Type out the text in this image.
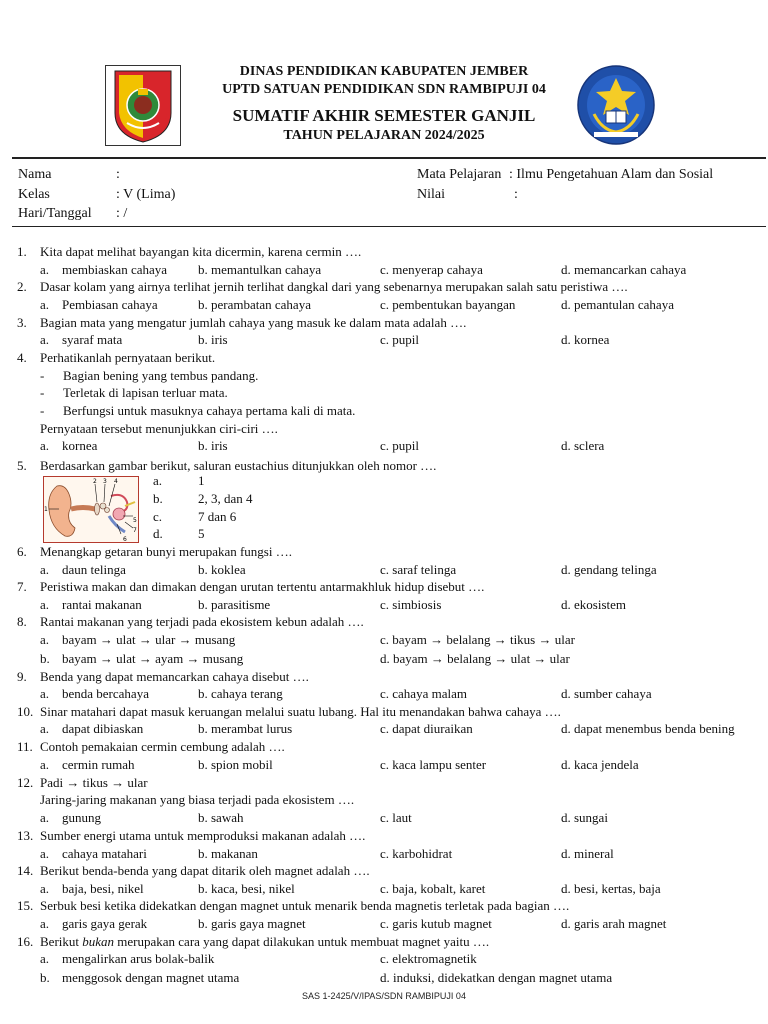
DINAS PENDIDIKAN KABUPATEN JEMBER
UPTD SATUAN PENDIDIKAN SDN RAMBIPUJI 04
SUMATIF AKHIR SEMESTER GANJIL
TAHUN PELAJARAN 2024/2025
Nama	:	Mata Pelajaran : Ilmu Pengetahuan Alam dan Sosial
Kelas	: V (Lima)	Nilai	:
Hari/Tanggal : /
1. Kita dapat melihat bayangan kita dicermin, karena cermin ….
a. membiaskan cahaya b. memantulkan cahaya	c. menyerap cahaya	d. memancarkan cahaya
2. Dasar kolam yang airnya terlihat jernih terlihat dangkal dari yang sebenarnya merupakan salah satu peristiwa ….
a. Pembiasan cahaya	b. perambatan cahaya	c. pembentukan bayangan	d. pemantulan cahaya
3. Bagian mata yang mengatur jumlah cahaya yang masuk ke dalam mata adalah ….
a. syaraf mata	b. iris	c. pupil	d. kornea
4. Perhatikanlah pernyataan berikut.
- Bagian bening yang tembus pandang.
- Terletak di lapisan terluar mata.
- Berfungsi untuk masuknya cahaya pertama kali di mata.
Pernyataan tersebut menunjukkan ciri-ciri ….
a. kornea	b. iris	c. pupil	d. sclera
5. Berdasarkan gambar berikut, saluran eustachius ditunjukkan oleh nomor ….
1
2 3 4
5
6
7
a.	1
b.	2, 3, dan 4
c.	7 dan 6
d.	5
6. Menangkap getaran bunyi merupakan fungsi ….
a. daun telinga	b. koklea	c. saraf telinga	d. gendang telinga
7. Peristiwa makan dan dimakan dengan urutan tertentu antarmakhluk hidup disebut ….
a. rantai makanan	b. parasitisme	c. simbiosis	d. ekosistem
8. Rantai makanan yang terjadi pada ekosistem kebun adalah ….
a. bayam → ulat → ular → musang	c. bayam → belalang → tikus → ular
b. bayam → ulat → ayam → musang	d. bayam → belalang → ulat → ular
9. Benda yang dapat memancarkan cahaya disebut ….
a. benda bercahaya	b. cahaya terang	c. cahaya malam	d. sumber cahaya
10. Sinar matahari dapat masuk keruangan melalui suatu lubang. Hal itu menandakan bahwa cahaya ….
a. dapat dibiaskan	b. merambat lurus	c. dapat diuraikan	d. dapat menembus benda bening
11. Contoh pemakaian cermin cembung adalah ….
a. cermin rumah	b. spion mobil	c. kaca lampu senter	d. kaca jendela
12. Padi → tikus → ular
Jaring-jaring makanan yang biasa terjadi pada ekosistem ….
a. gunung	b. sawah	c. laut	d. sungai
13. Sumber energi utama untuk memproduksi makanan adalah ….
a. cahaya matahari	b. makanan	c. karbohidrat	d. mineral
14. Berikut benda-benda yang dapat ditarik oleh magnet adalah ….
a. baja, besi, nikel	b. kaca, besi, nikel	c. baja, kobalt, karet	d. besi, kertas, baja
15. Serbuk besi ketika didekatkan dengan magnet untuk menarik benda magnetis terletak pada bagian ….
a. garis gaya gerak	b. garis gaya magnet	c. garis kutub magnet	d. garis arah magnet
16. Berikut bukan merupakan cara yang dapat dilakukan untuk membuat magnet yaitu ….
a. mengalirkan arus bolak-balik	c. elektromagnetik
b. menggosok dengan magnet utama	d. induksi, didekatkan dengan magnet utama
SAS 1-2425/V/IPAS/SDN RAMBIPUJI 04
